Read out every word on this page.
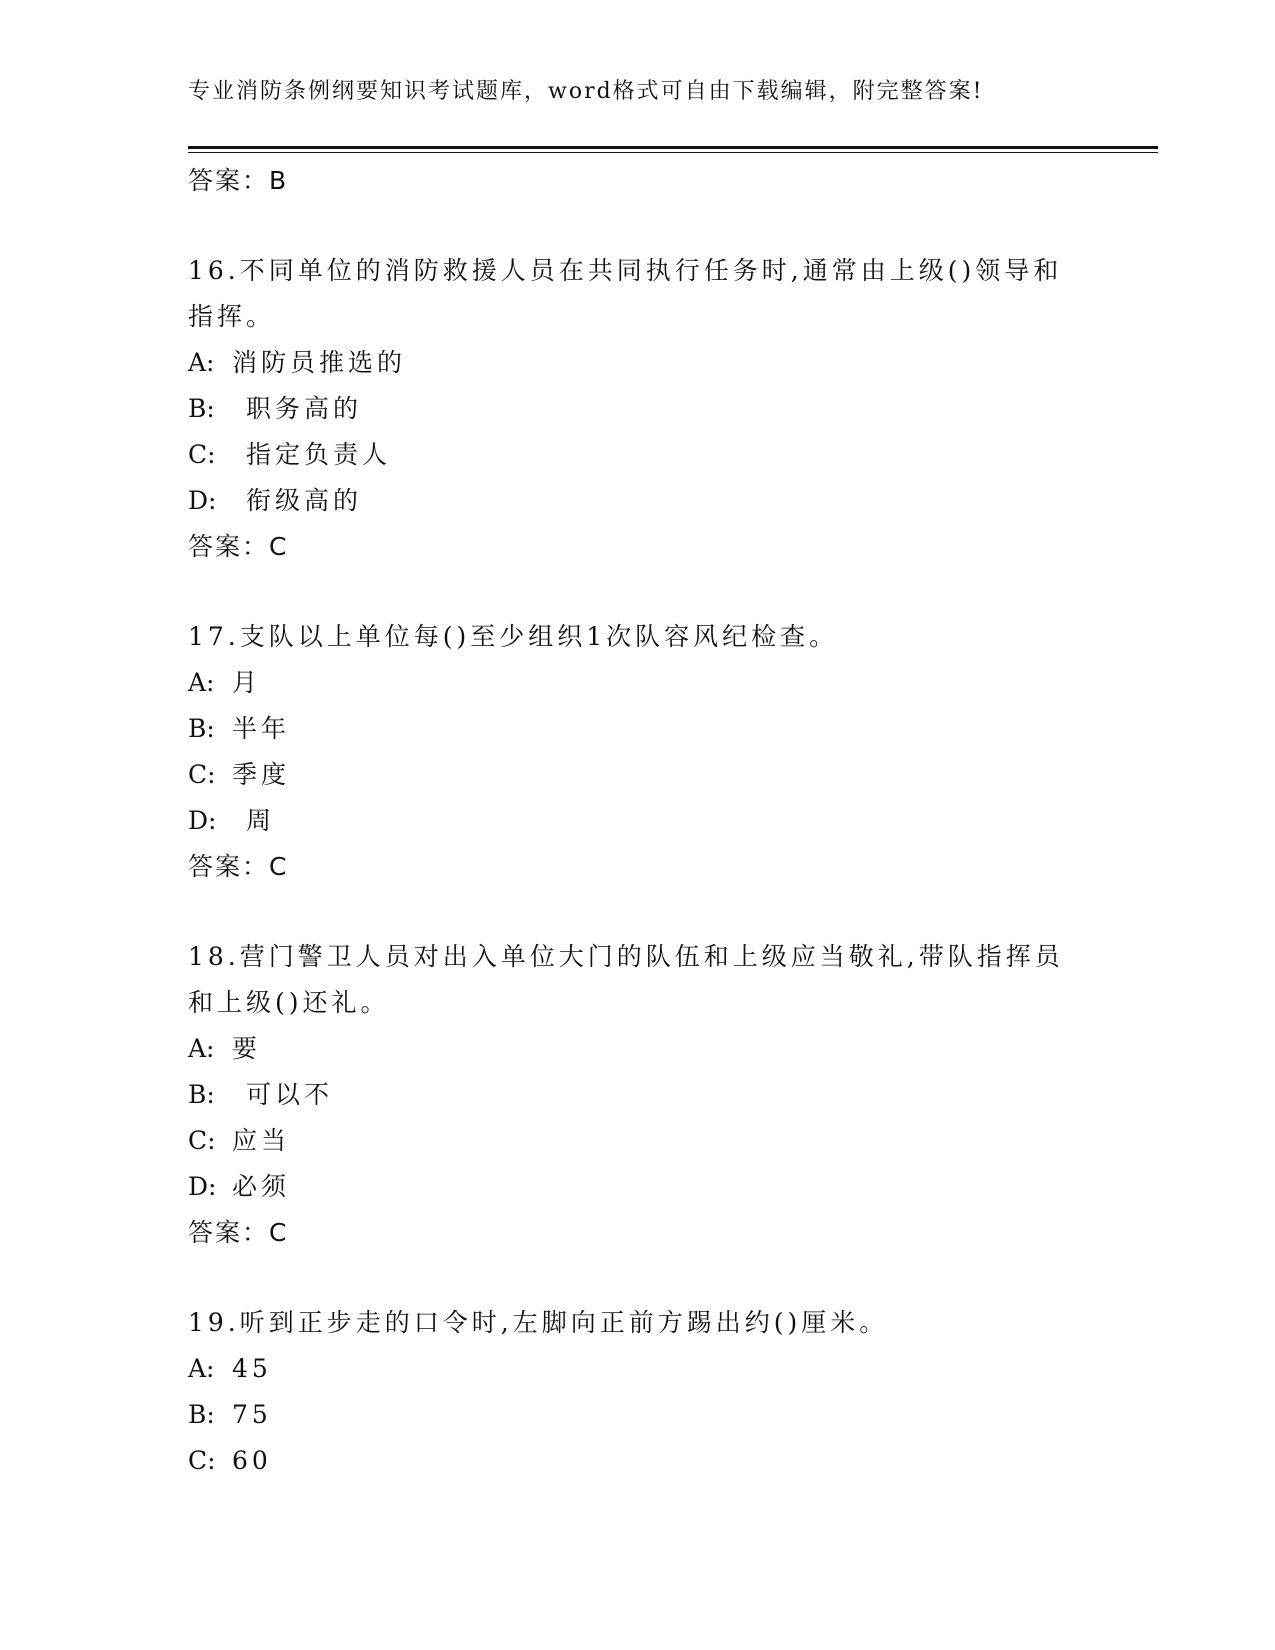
专业消防条例纲要知识考试题库，word格式可自由下载编辑，附完整答案!
答案：B
16.不同单位的消防救援人员在共同执行任务时,通常由上级()领导和
指挥。
A: 消防员推选的
B: 职务高的
C: 指定负责人
D: 衔级高的
答案：C
17.支队以上单位每()至少组织1次队容风纪检查。
A: 月
B: 半年
C: 季度
D: 周
答案：C
18.营门警卫人员对出入单位大门的队伍和上级应当敬礼,带队指挥员
和上级()还礼。
A: 要
B: 可以不
C: 应当
D: 必须
答案：C
19.听到正步走的口令时,左脚向正前方踢出约()厘米。
A: 45
B: 75
C: 60
